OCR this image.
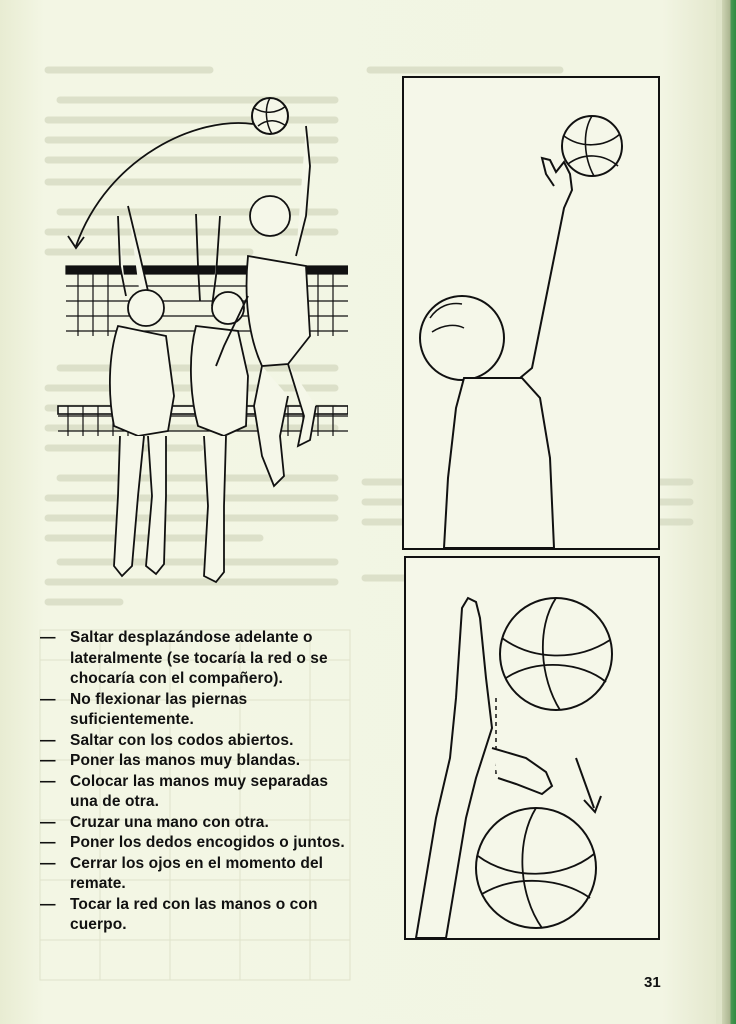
— Saltar desplazándose adelante o lateralmente (se tocaría la red o se chocaría con el compañero).
— No flexionar las piernas suficientemente.
— Saltar con los codos abiertos.
— Poner las manos muy blandas.
— Colocar las manos muy separadas una de otra.
— Cruzar una mano con otra.
— Poner los dedos encogidos o juntos.
— Cerrar los ojos en el momento del remate.
— Tocar la red con las manos o con cuerpo.
31
